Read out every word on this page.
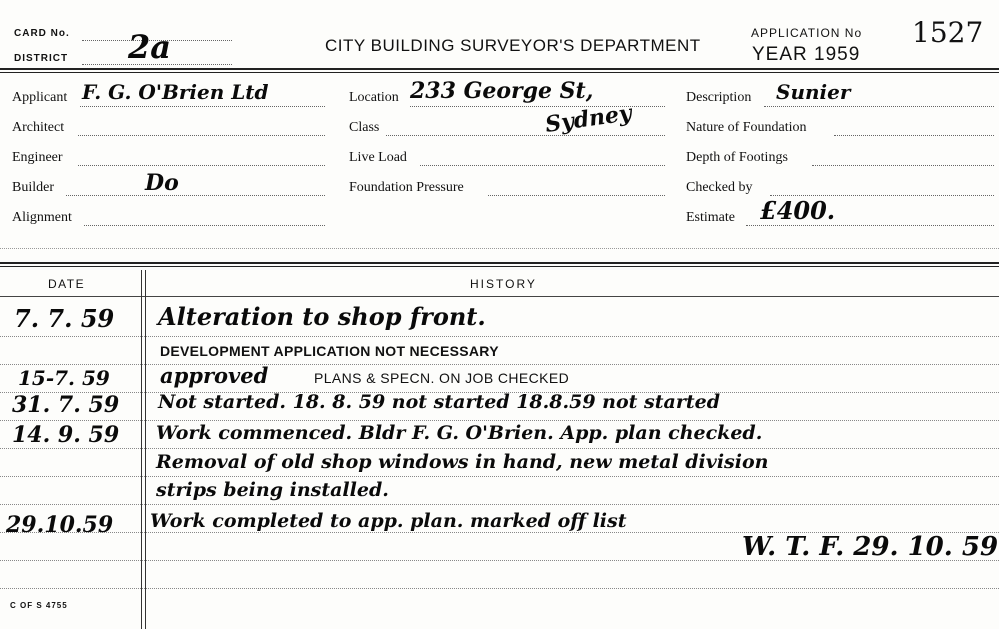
CARD No.
DISTRICT 2a	CITY BUILDING SURVEYOR'S DEPARTMENT
APPLICATION No
YEAR 1959
1527
Applicant F. G. O'Brien Ltd
Architect
Engineer
Builder	Do
Alignment
Location 233 George St,
Class	Sydney
Live Load
Foundation Pressure
Description Sunier
Nature of Foundation
Depth of Footings
Checked by
Estimate £400.
DATE	HISTORY
7. 7. 59 Alteration to shop front.
DEVELOPMENT APPLICATION NOT NECESSARY
15-7. 59 approved	PLANS & SPECN. ON JOB CHECKED
31. 7. 59 Not started. 18. 8. 59 not started 18.8.59 not started
14. 9. 59 Work commenced. Bldr F. G. O'Brien. App. plan checked.
Removal of old shop windows in hand, new metal division
strips being installed.
29.10.59 Work completed to app. plan. marked off list
W. T. F. 29. 10. 59
C OF S 4755
